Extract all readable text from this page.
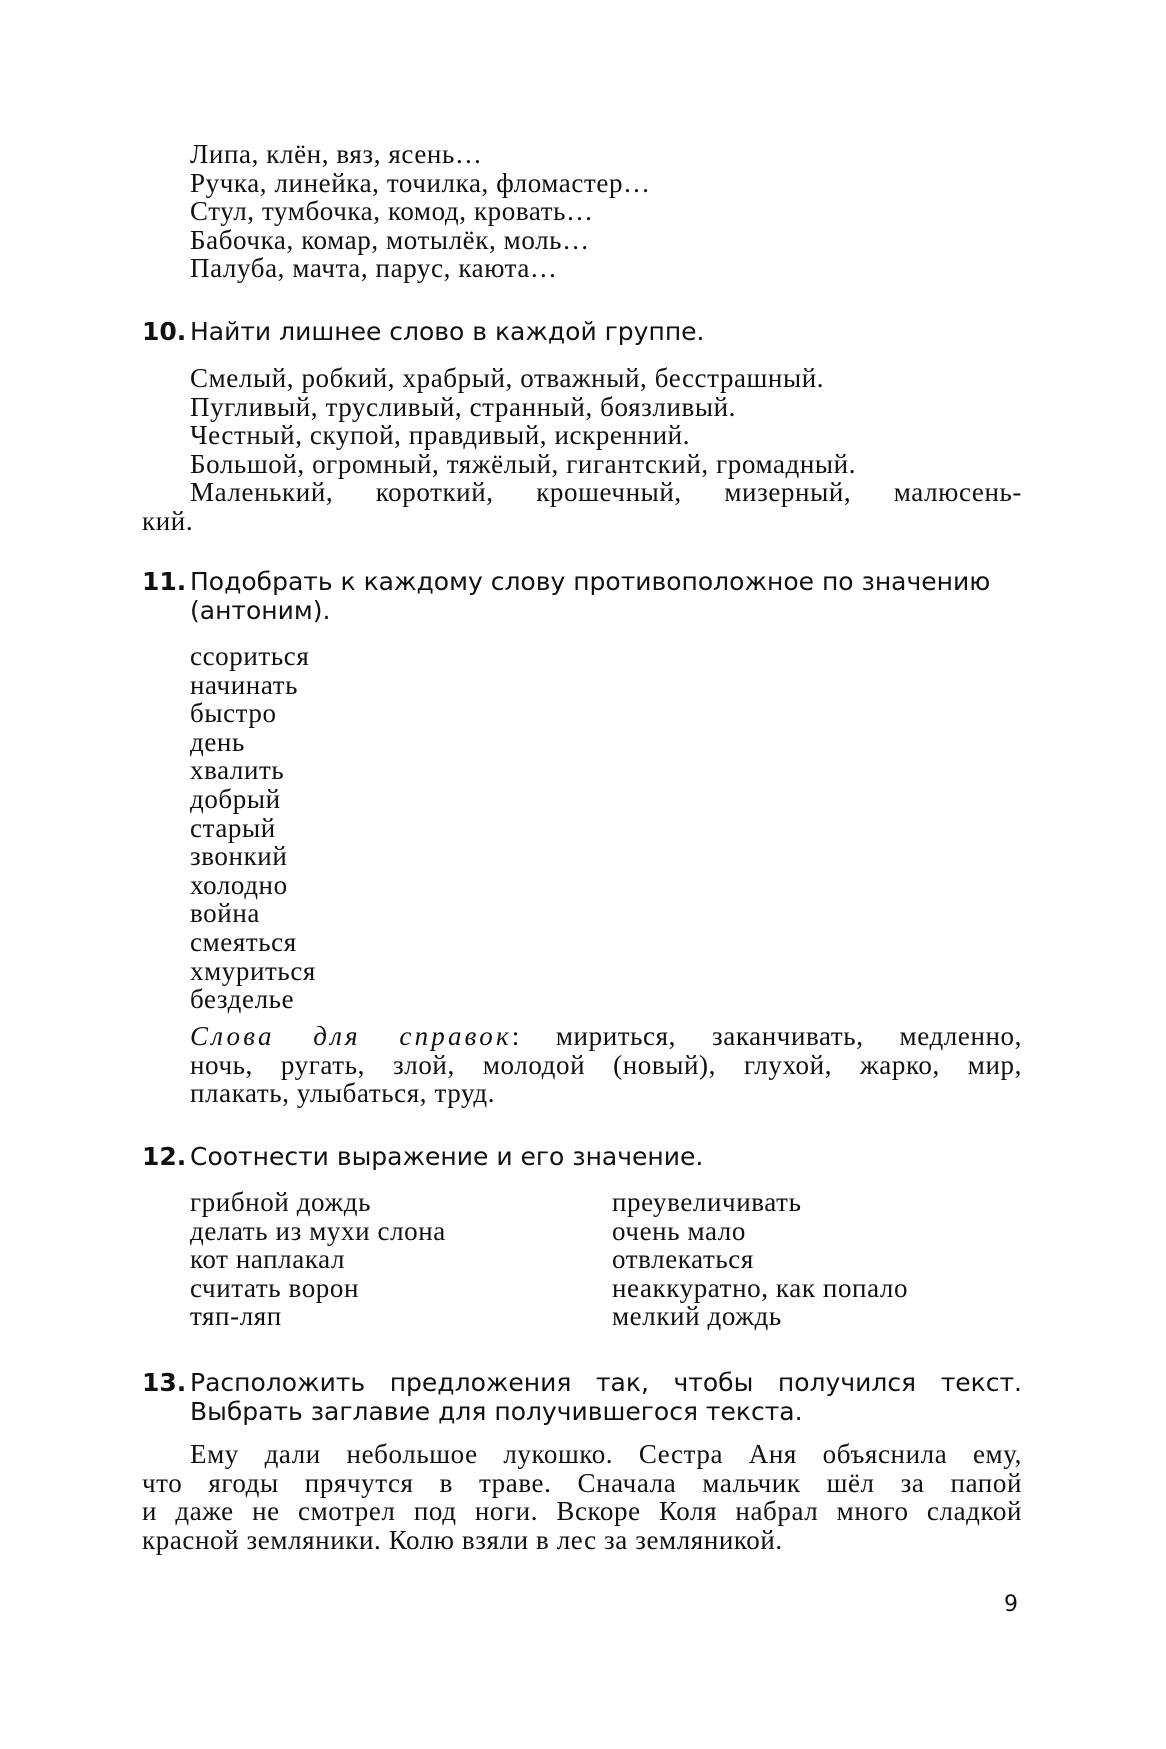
Липа, клён, вяз, ясень…
Ручка, линейка, точилка, фломастер…
Стул, тумбочка, комод, кровать…
Бабочка, комар, мотылёк, моль…
Палуба, мачта, парус, каюта…
10. Найти лишнее слово в каждой группе.
Смелый, робкий, храбрый, отважный, бесстрашный.
Пугливый, трусливый, странный, боязливый.
Честный, скупой, правдивый, искренний.
Большой, огромный, тяжёлый, гигантский, громадный.
Маленький, короткий, крошечный, мизерный, малюсень-
кий.
11. Подобрать к каждому слову противоположное по значению
(антоним).
ссориться
начинать
быстро
день
хвалить
добрый
старый
звонкий
холодно
война
смеяться
хмуриться
безделье
Слова для справок: мириться, заканчивать, медленно,
ночь, ругать, злой, молодой (новый), глухой, жарко, мир,
плакать, улыбаться, труд.
12. Соотнести выражение и его значение.
грибной дождь
делать из мухи слона
кот наплакал
считать ворон
тяп-ляп
преувеличивать
очень мало
отвлекаться
неаккуратно, как попало
мелкий дождь
13. Расположить предложения так, чтобы получился текст.
Выбрать заглавие для получившегося текста.
Ему дали небольшое лукошко. Сестра Аня объяснила ему,
что ягоды прячутся в траве. Сначала мальчик шёл за папой
и даже не смотрел под ноги. Вскоре Коля набрал много сладкой
красной земляники. Колю взяли в лес за земляникой.
9
